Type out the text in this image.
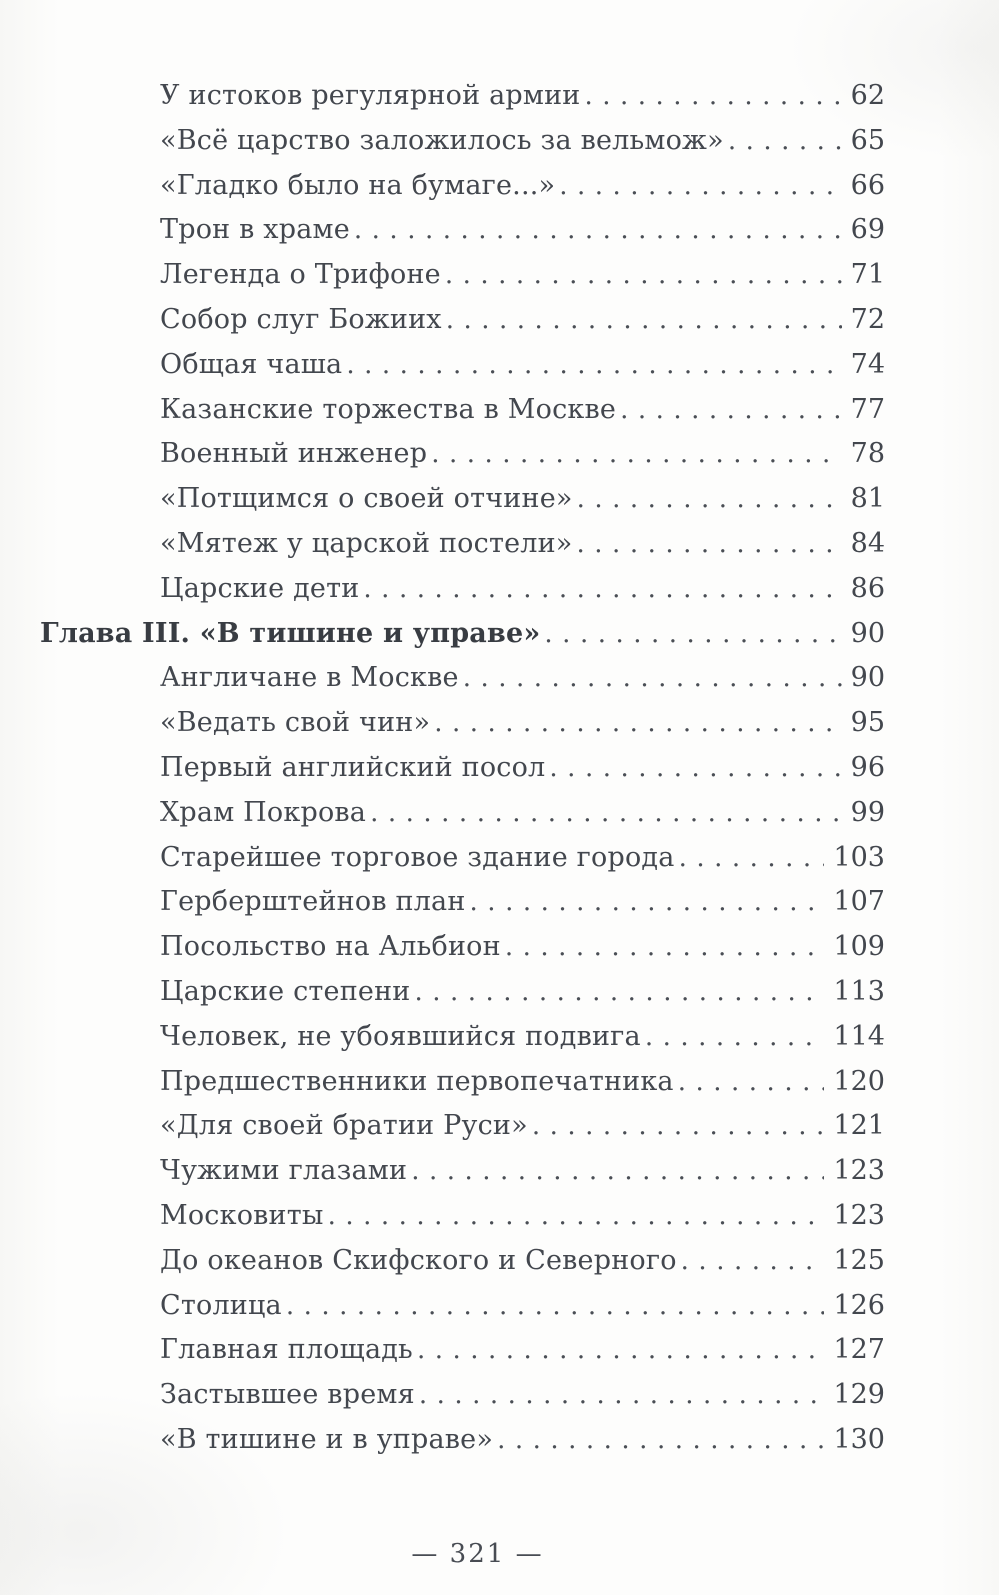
У истоков регулярной армии .....	62
«Всё царство заложилось за вельмож» .....	65
«Гладко было на бумаге...» .....	66
Трон в храме .....	69
Легенда о Трифоне .....	71
Собор слуг Божиих .....	72
Общая чаша .....	74
Казанские торжества в Москве .....	77
Военный инженер .....	78
«Потщимся о своей отчине» .....	81
«Мятеж у царской постели» .....	84
Царские дети .....	86
Глава III. «В тишине и управе» .....	90
Англичане в Москве .....	90
«Ведать свой чин» .....	95
Первый английский посол .....	96
Храм Покрова .....	99
Старейшее торговое здание города .....	103
Герберштейнов план .....	107
Посольство на Альбион .....	109
Царские степени .....	113
Человек, не убоявшийся подвига .....	114
Предшественники первопечатника .....	120
«Для своей братии Руси» .....	121
Чужими глазами .....	123
Московиты .....	123
До океанов Скифского и Северного .....	125
Столица .....	126
Главная площадь .....	127
Застывшее время .....	129
«В тишине и в управе» .....	130
— 321 —
